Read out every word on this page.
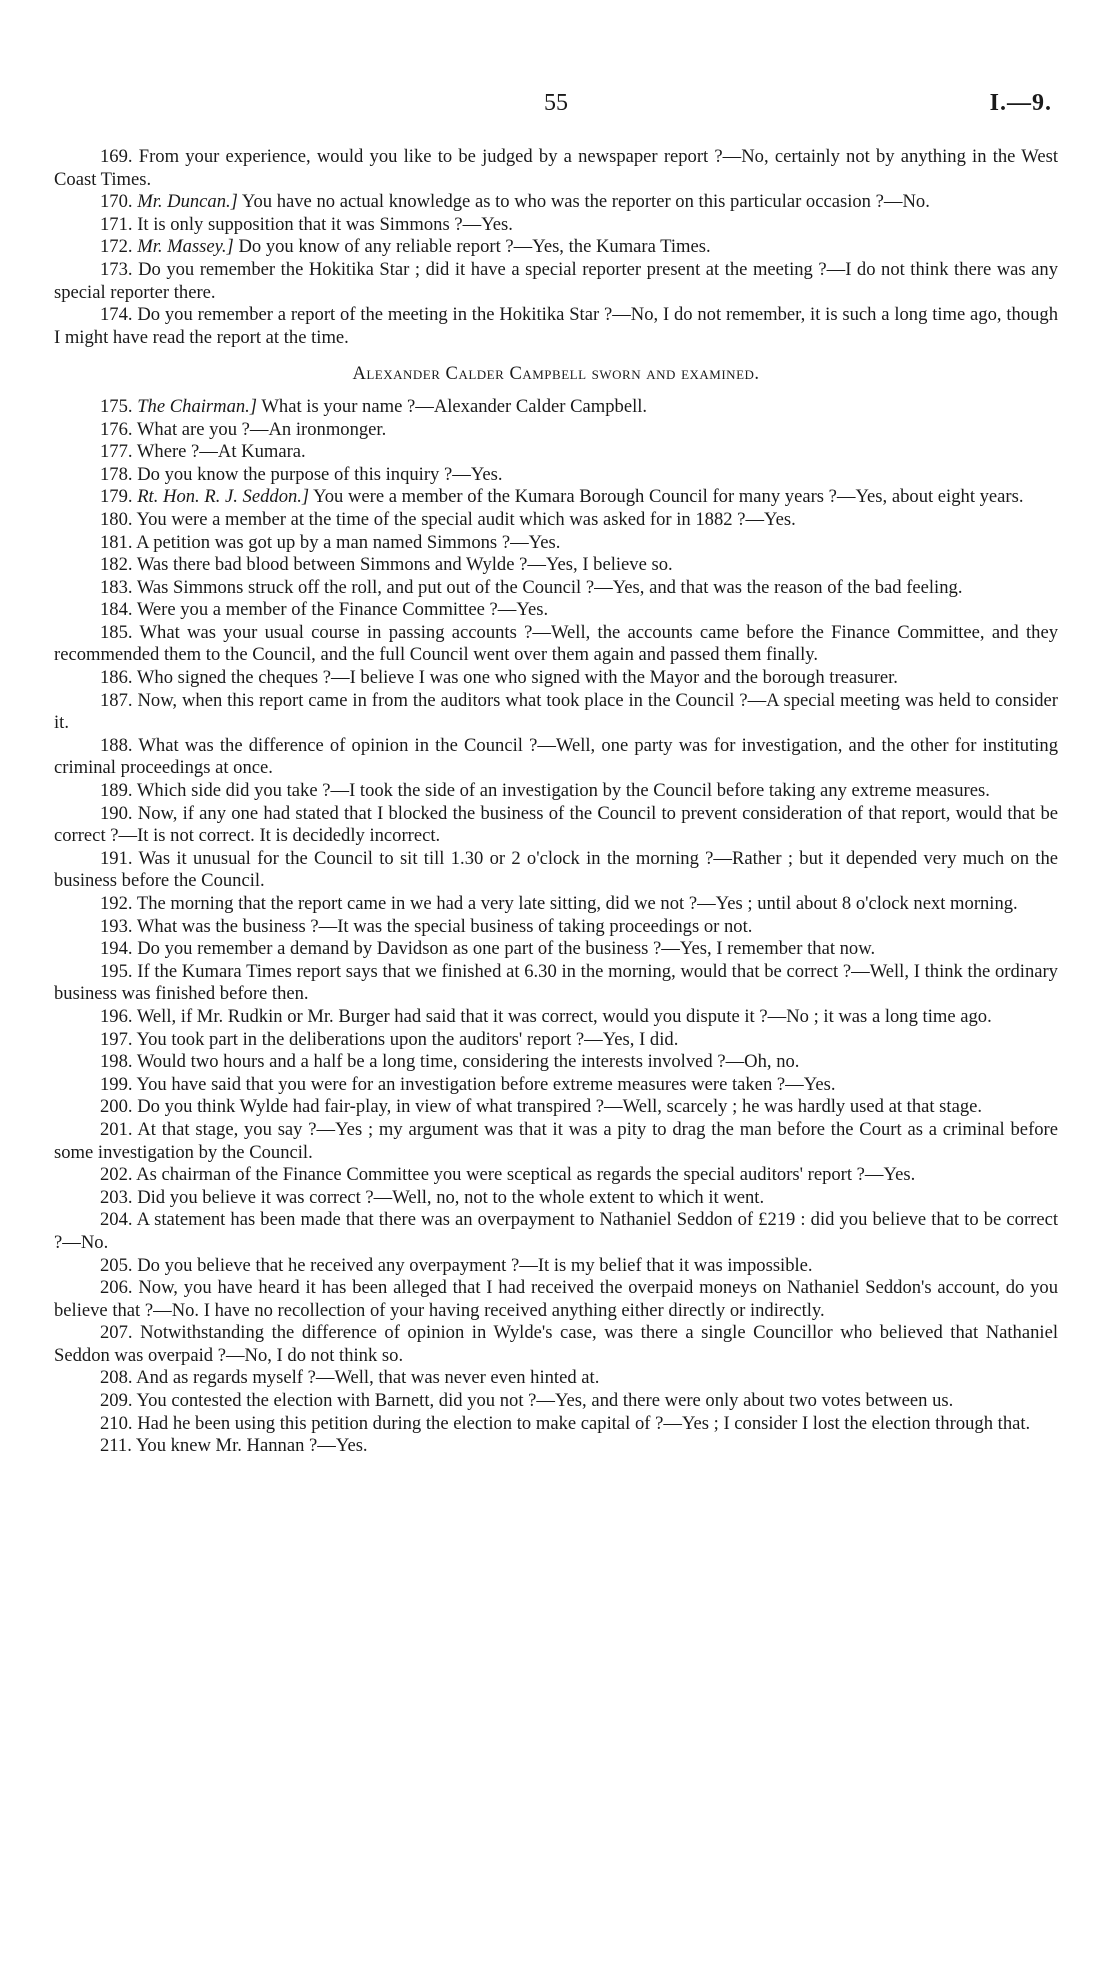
55	I.—9.

169. From your experience, would you like to be judged by a newspaper report ?—No, certainly not by anything in the West Coast Times.

170. Mr. Duncan.] You have no actual knowledge as to who was the reporter on this particular occasion ?—No.

171. It is only supposition that it was Simmons ?—Yes.

172. Mr. Massey.] Do you know of any reliable report ?—Yes, the Kumara Times.

173. Do you remember the Hokitika Star ; did it have a special reporter present at the meeting ?—I do not think there was any special reporter there.

174. Do you remember a report of the meeting in the Hokitika Star ?—No, I do not remember, it is such a long time ago, though I might have read the report at the time.

Alexander Calder Campbell sworn and examined.

175. The Chairman.] What is your name ?—Alexander Calder Campbell.

176. What are you ?—An ironmonger.

177. Where ?—At Kumara.

178. Do you know the purpose of this inquiry ?—Yes.

179. Rt. Hon. R. J. Seddon.] You were a member of the Kumara Borough Council for many years ?—Yes, about eight years.

180. You were a member at the time of the special audit which was asked for in 1882 ?—Yes.

181. A petition was got up by a man named Simmons ?—Yes.

182. Was there bad blood between Simmons and Wylde ?—Yes, I believe so.

183. Was Simmons struck off the roll, and put out of the Council ?—Yes, and that was the reason of the bad feeling.

184. Were you a member of the Finance Committee ?—Yes.

185. What was your usual course in passing accounts ?—Well, the accounts came before the Finance Committee, and they recommended them to the Council, and the full Council went over them again and passed them finally.

186. Who signed the cheques ?—I believe I was one who signed with the Mayor and the borough treasurer.

187. Now, when this report came in from the auditors what took place in the Council ?—A special meeting was held to consider it.

188. What was the difference of opinion in the Council ?—Well, one party was for investigation, and the other for instituting criminal proceedings at once.

189. Which side did you take ?—I took the side of an investigation by the Council before taking any extreme measures.

190. Now, if any one had stated that I blocked the business of the Council to prevent consideration of that report, would that be correct ?—It is not correct. It is decidedly incorrect.

191. Was it unusual for the Council to sit till 1.30 or 2 o'clock in the morning ?—Rather ; but it depended very much on the business before the Council.

192. The morning that the report came in we had a very late sitting, did we not ?—Yes ; until about 8 o'clock next morning.

193. What was the business ?—It was the special business of taking proceedings or not.

194. Do you remember a demand by Davidson as one part of the business ?—Yes, I remember that now.

195. If the Kumara Times report says that we finished at 6.30 in the morning, would that be correct ?—Well, I think the ordinary business was finished before then.

196. Well, if Mr. Rudkin or Mr. Burger had said that it was correct, would you dispute it ?—No ; it was a long time ago.

197. You took part in the deliberations upon the auditors' report ?—Yes, I did.

198. Would two hours and a half be a long time, considering the interests involved ?—Oh, no.

199. You have said that you were for an investigation before extreme measures were taken ?—Yes.

200. Do you think Wylde had fair-play, in view of what transpired ?—Well, scarcely ; he was hardly used at that stage.

201. At that stage, you say ?—Yes ; my argument was that it was a pity to drag the man before the Court as a criminal before some investigation by the Council.

202. As chairman of the Finance Committee you were sceptical as regards the special auditors' report ?—Yes.

203. Did you believe it was correct ?—Well, no, not to the whole extent to which it went.

204. A statement has been made that there was an overpayment to Nathaniel Seddon of £219 : did you believe that to be correct ?—No.

205. Do you believe that he received any overpayment ?—It is my belief that it was impossible.

206. Now, you have heard it has been alleged that I had received the overpaid moneys on Nathaniel Seddon's account, do you believe that ?—No. I have no recollection of your having received anything either directly or indirectly.

207. Notwithstanding the difference of opinion in Wylde's case, was there a single Councillor who believed that Nathaniel Seddon was overpaid ?—No, I do not think so.

208. And as regards myself ?—Well, that was never even hinted at.

209. You contested the election with Barnett, did you not ?—Yes, and there were only about two votes between us.

210. Had he been using this petition during the election to make capital of ?—Yes ; I consider I lost the election through that.

211. You knew Mr. Hannan ?—Yes.
